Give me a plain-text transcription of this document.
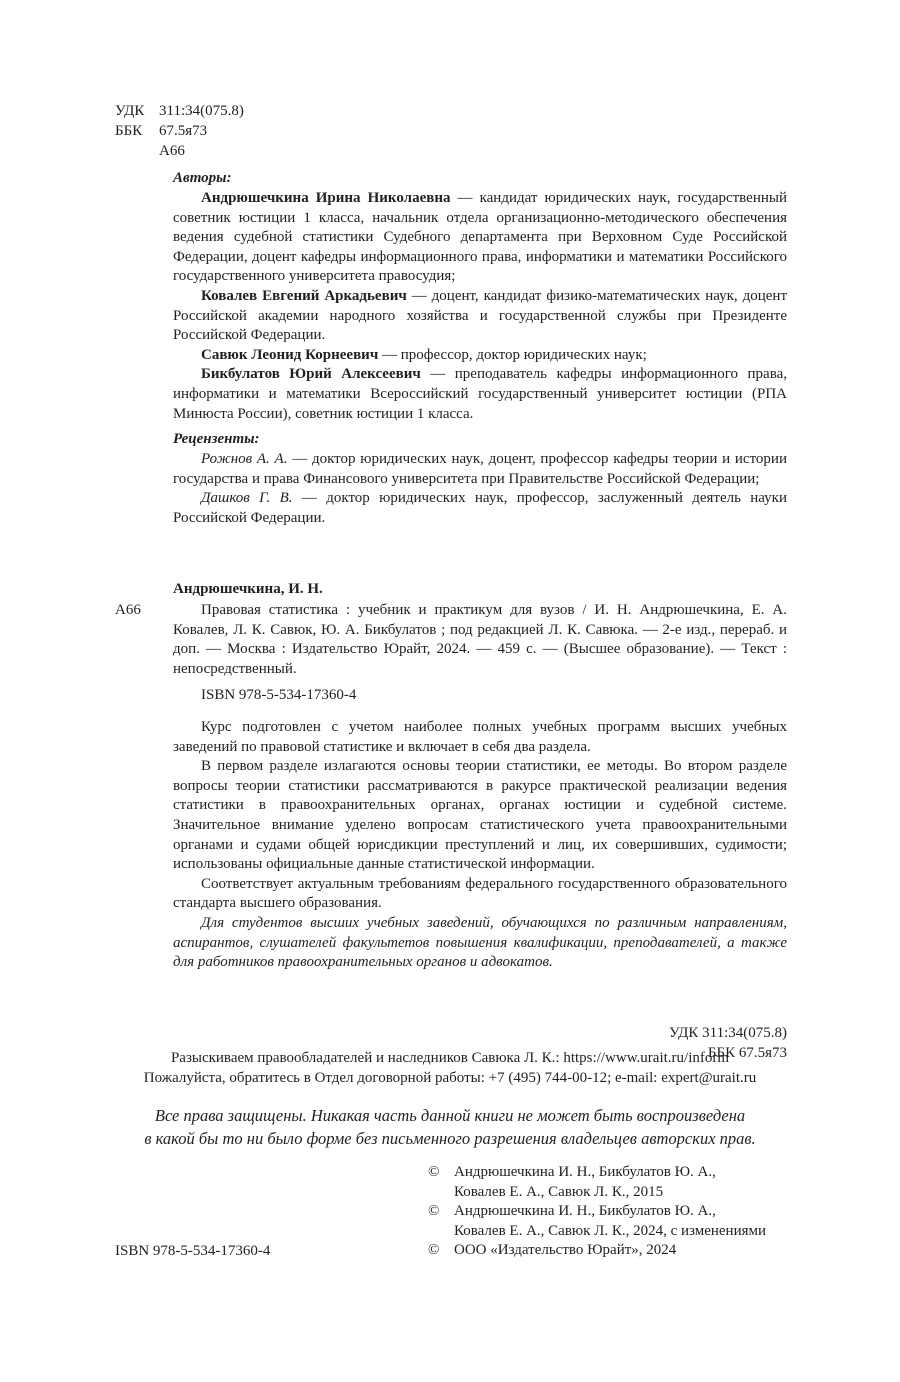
УДК 311:34(075.8)
ББК 67.5я73
А66
Авторы:
Андрюшечкина Ирина Николаевна — кандидат юридических наук, государственный советник юстиции 1 класса, начальник отдела организационно-методического обеспечения ведения судебной статистики Судебного департамента при Верховном Суде Российской Федерации, доцент кафедры информационного права, информатики и математики Российского государственного университета правосудия;
Ковалев Евгений Аркадьевич — доцент, кандидат физико-математических наук, доцент Российской академии народного хозяйства и государственной службы при Президенте Российской Федерации.
Савюк Леонид Корнеевич — профессор, доктор юридических наук;
Бикбулатов Юрий Алексеевич — преподаватель кафедры информационного права, информатики и математики Всероссийский государственный университет юстиции (РПА Минюста России), советник юстиции 1 класса.
Рецензенты:
Рожнов А. А. — доктор юридических наук, доцент, профессор кафедры теории и истории государства и права Финансового университета при Правительстве Российской Федерации;
Дашков Г. В. — доктор юридических наук, профессор, заслуженный деятель науки Российской Федерации.
Андрюшечкина, И. Н.
А66	Правовая статистика : учебник и практикум для вузов / И. Н. Андрюшечкина, Е. А. Ковалев, Л. К. Савюк, Ю. А. Бикбулатов ; под редакцией Л. К. Савюка. — 2-е изд., перераб. и доп. — Москва : Издательство Юрайт, 2024. — 459 с. — (Высшее образование). — Текст : непосредственный.
ISBN 978-5-534-17360-4
Курс подготовлен с учетом наиболее полных учебных программ высших учебных заведений по правовой статистике и включает в себя два раздела.
В первом разделе излагаются основы теории статистики, ее методы. Во втором разделе вопросы теории статистики рассматриваются в ракурсе практической реализации ведения статистики в правоохранительных органах, органах юстиции и судебной системе. Значительное внимание уделено вопросам статистического учета правоохранительными органами и судами общей юрисдикции преступлений и лиц, их совершивших, судимости; использованы официальные данные статистической информации.
Соответствует актуальным требованиям федерального государственного образовательного стандарта высшего образования.
Для студентов высших учебных заведений, обучающихся по различным направлениям, аспирантов, слушателей факультетов повышения квалификации, преподавателей, а также для работников правоохранительных органов и адвокатов.
УДК 311:34(075.8)
ББК 67.5я73
Разыскиваем правообладателей и наследников Савюка Л. К.: https://www.urait.ru/inform
Пожалуйста, обратитесь в Отдел договорной работы: +7 (495) 744-00-12; e-mail: expert@urait.ru
Все права защищены. Никакая часть данной книги не может быть воспроизведена
в какой бы то ни было форме без письменного разрешения владельцев авторских прав.
© Андрюшечкина И. Н., Бикбулатов Ю. А.,
Ковалев Е. А., Савюк Л. К., 2015
© Андрюшечкина И. Н., Бикбулатов Ю. А.,
Ковалев Е. А., Савюк Л. К., 2024, с изменениями
© ООО «Издательство Юрайт», 2024
ISBN 978-5-534-17360-4
